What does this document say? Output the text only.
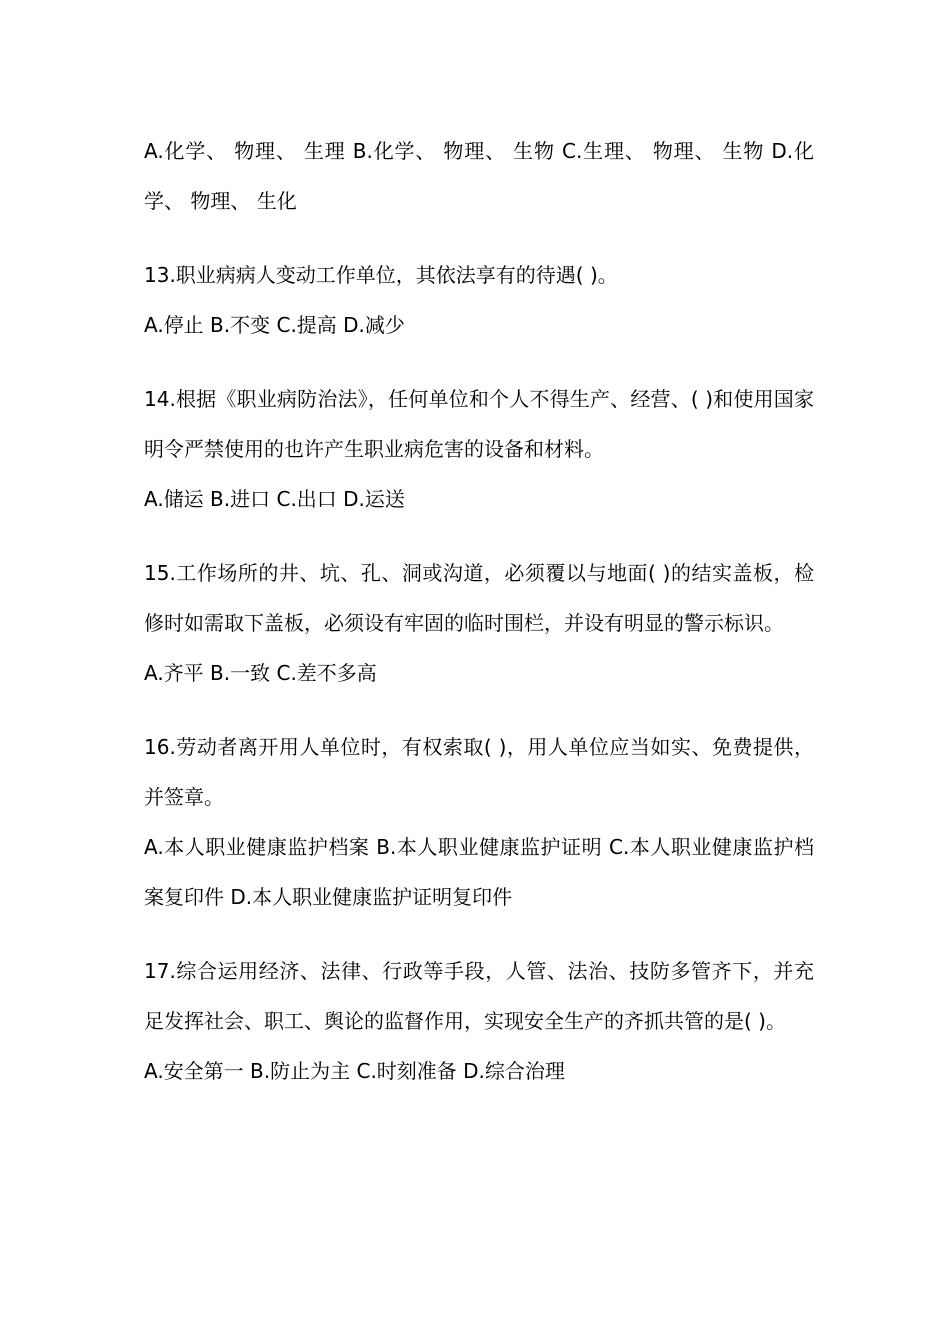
A.化学、 物理、 生理 B.化学、 物理、 生物 C.生理、 物理、 生物 D.化学、 物理、 生化

13.职业病病人变动工作单位，其依法享有的待遇( )。

A.停止 B.不变 C.提高 D.减少

14.根据《职业病防治法》，任何单位和个人不得生产、经营、( )和使用国家明令严禁使用的也许产生职业病危害的设备和材料。

A.储运 B.进口 C.出口 D.运送

15.工作场所的井、坑、孔、洞或沟道，必须覆以与地面( )的结实盖板，检修时如需取下盖板，必须设有牢固的临时围栏，并设有明显的警示标识。

A.齐平 B.一致 C.差不多高

16.劳动者离开用人单位时，有权索取( )，用人单位应当如实、免费提供，并签章。

A.本人职业健康监护档案 B.本人职业健康监护证明 C.本人职业健康监护档案复印件 D.本人职业健康监护证明复印件

17.综合运用经济、法律、行政等手段，人管、法治、技防多管齐下，并充足发挥社会、职工、舆论的监督作用，实现安全生产的齐抓共管的是( )。

A.安全第一 B.防止为主 C.时刻准备 D.综合治理
